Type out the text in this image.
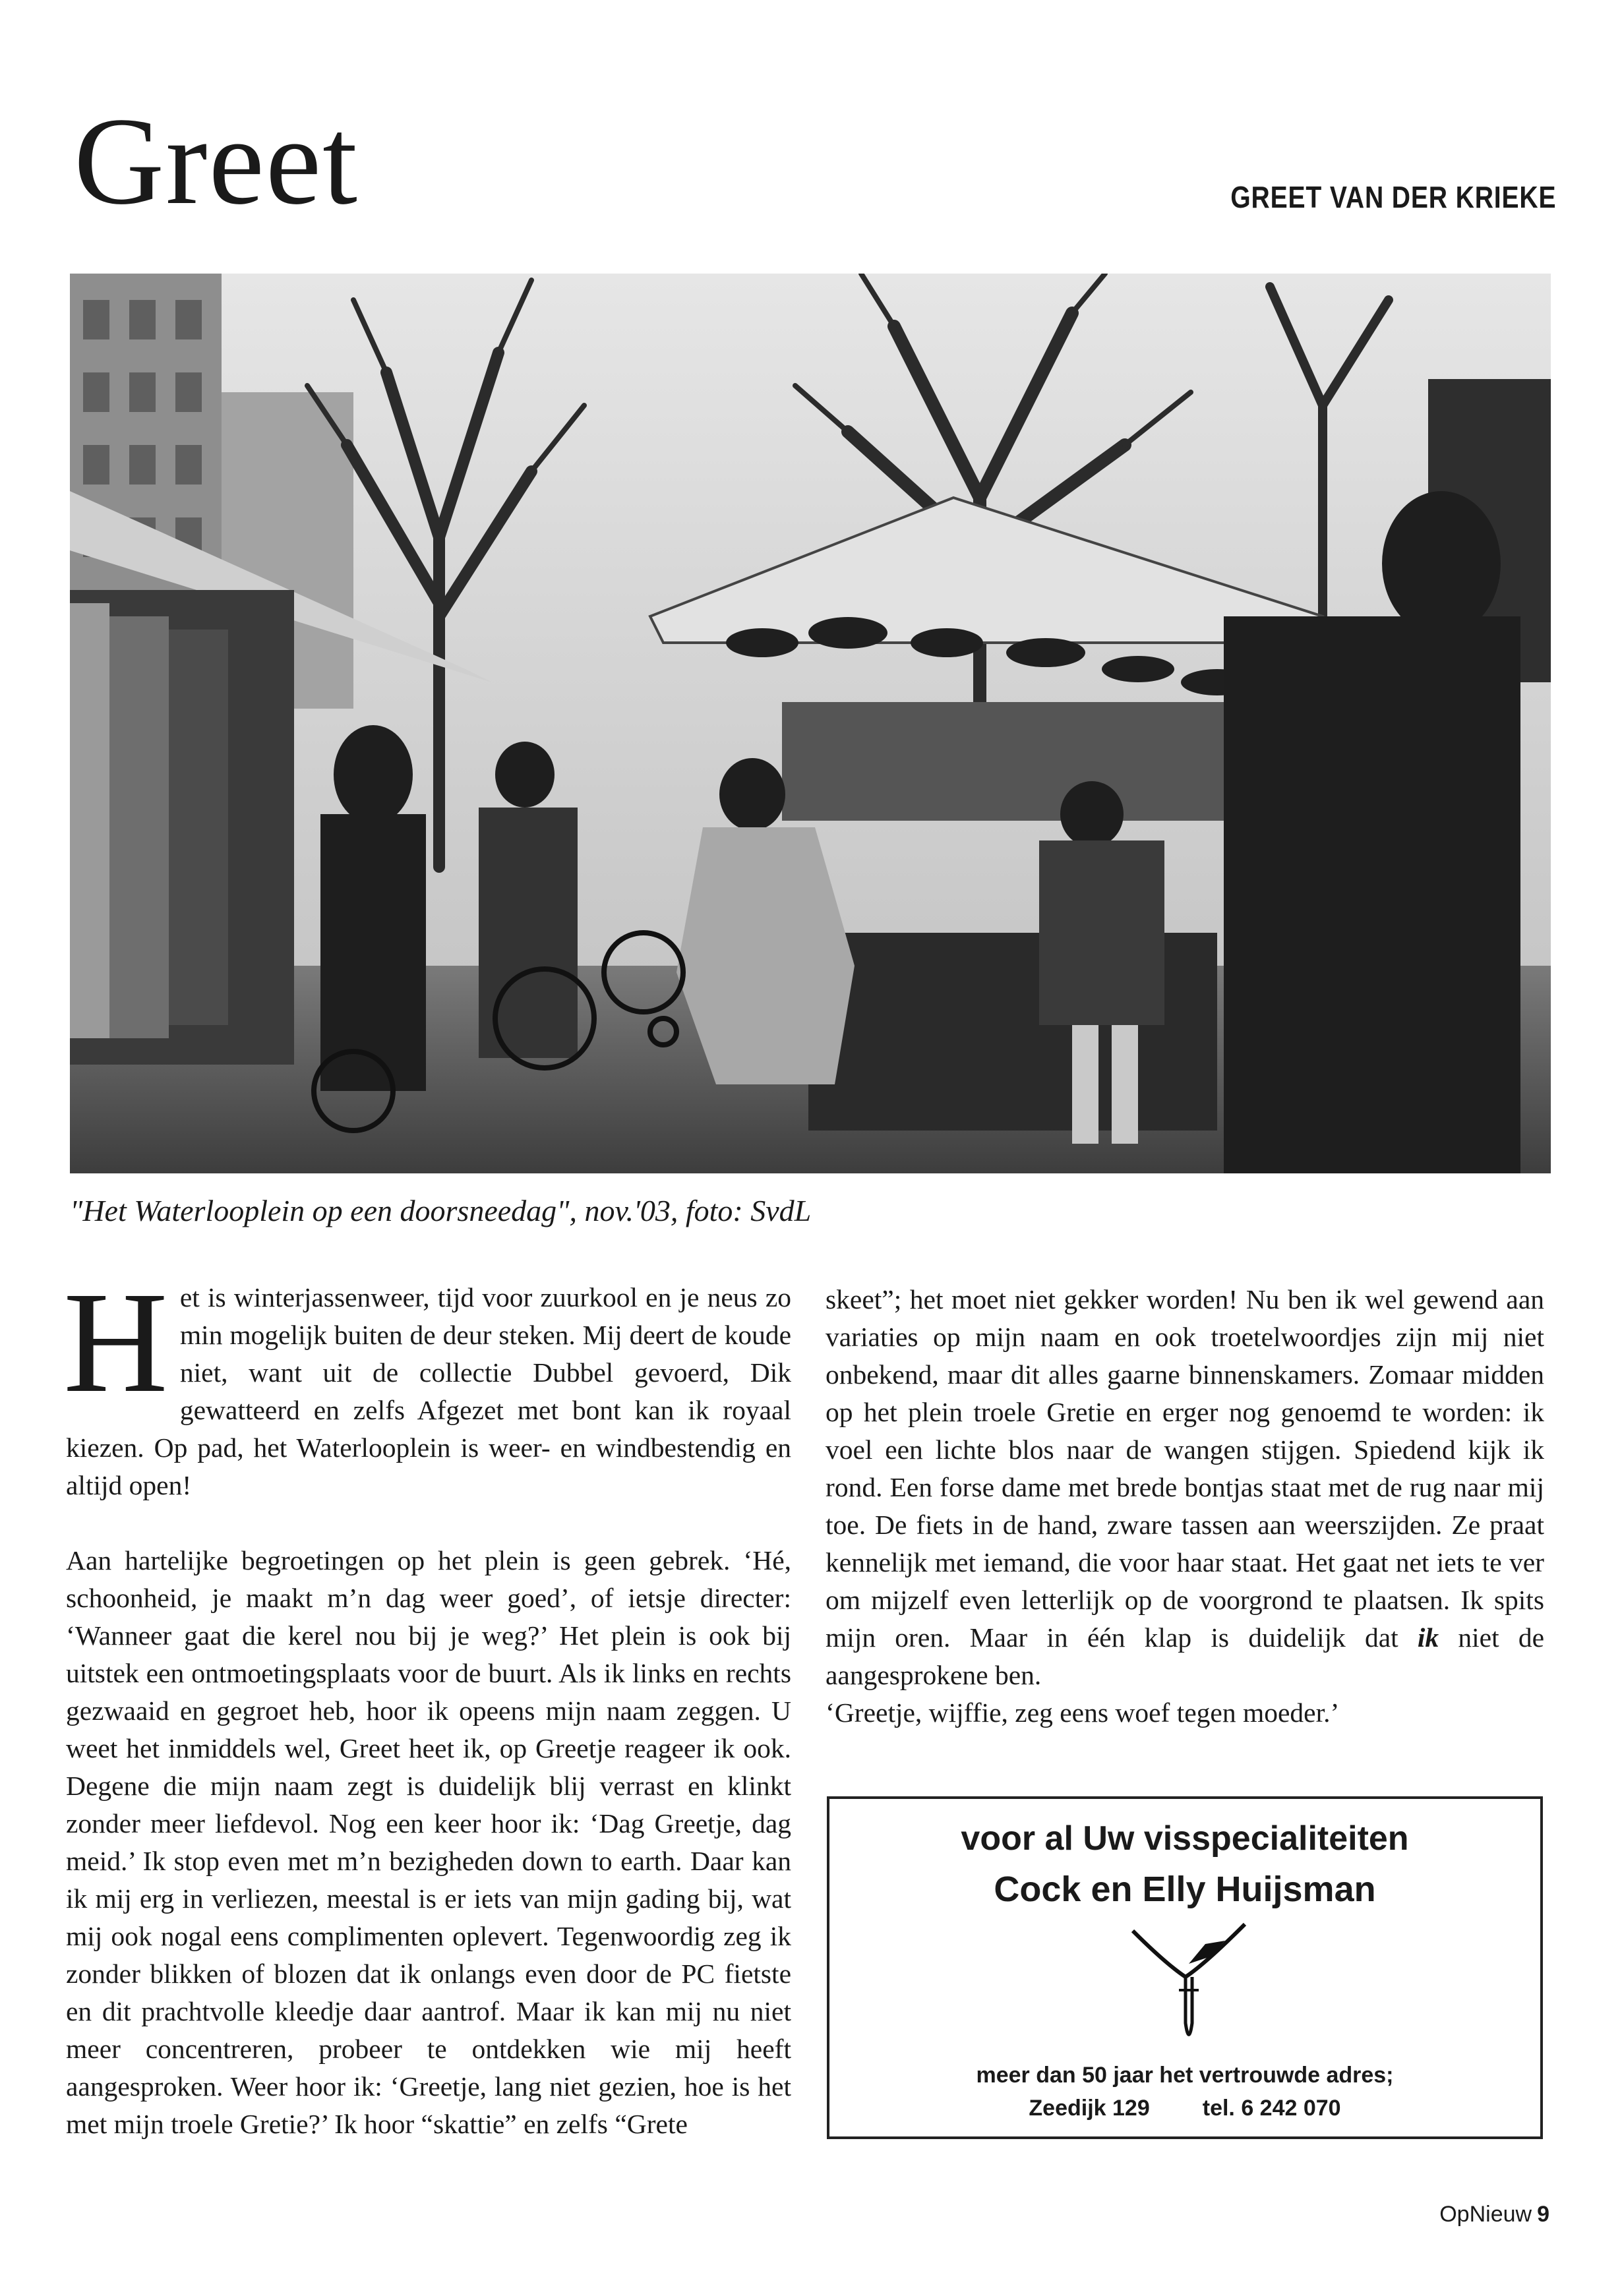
Greet	GREET VAN DER KRIEKE
"Het Waterlooplein op een doorsneedag", nov.'03, foto: SvdL

Het is winterjassenweer, tijd voor zuurkool en je neus zo min mogelijk buiten de deur steken. Mij deert de koude niet, want uit de collectie Dubbel gevoerd, Dik gewatteerd en zelfs Afgezet met bont kan ik royaal kiezen. Op pad, het Waterlooplein is weer- en windbestendig en altijd open!

Aan hartelijke begroetingen op het plein is geen gebrek. ‘Hé, schoonheid, je maakt m’n dag weer goed’, of ietsje directer: ‘Wanneer gaat die kerel nou bij je weg?’ Het plein is ook bij uitstek een ontmoetingsplaats voor de buurt. Als ik links en rechts gezwaaid en gegroet heb, hoor ik opeens mijn naam zeggen. U weet het inmiddels wel, Greet heet ik, op Greetje reageer ik ook. Degene die mijn naam zegt is duidelijk blij verrast en klinkt zonder meer liefdevol. Nog een keer hoor ik: ‘Dag Greetje, dag meid.’ Ik stop even met m’n bezigheden down to earth. Daar kan ik mij erg in verliezen, meestal is er iets van mijn gading bij, wat mij ook nogal eens complimenten oplevert. Tegenwoordig zeg ik zonder blikken of blozen dat ik onlangs even door de PC fietste en dit prachtvolle kleedje daar aantrof. Maar ik kan mij nu niet meer concentreren, probeer te ontdekken wie mij heeft aangesproken. Weer hoor ik: ‘Greetje, lang niet gezien, hoe is het met mijn troele Gretie?’ Ik hoor “skattie” en zelfs “Grete

skeet”; het moet niet gekker worden! Nu ben ik wel gewend aan variaties op mijn naam en ook troetelwoordjes zijn mij niet onbekend, maar dit alles gaarne binnenskamers. Zomaar midden op het plein troele Gretie en erger nog genoemd te worden: ik voel een lichte blos naar de wangen stijgen. Spiedend kijk ik rond. Een forse dame met brede bontjas staat met de rug naar mij toe. De fiets in de hand, zware tassen aan weerszijden. Ze praat kennelijk met iemand, die voor haar staat. Het gaat net iets te ver om mijzelf even letterlijk op de voorgrond te plaatsen. Ik spits mijn oren. Maar in één klap is duidelijk dat ik niet de aangesprokene ben.
‘Greetje, wijffie, zeg eens woef tegen moeder.’

voor al Uw visspecialiteiten
Cock en Elly Huijsman
meer dan 50 jaar het vertrouwde adres;
Zeedijk 129 tel. 6 242 070
OpNieuw 9
